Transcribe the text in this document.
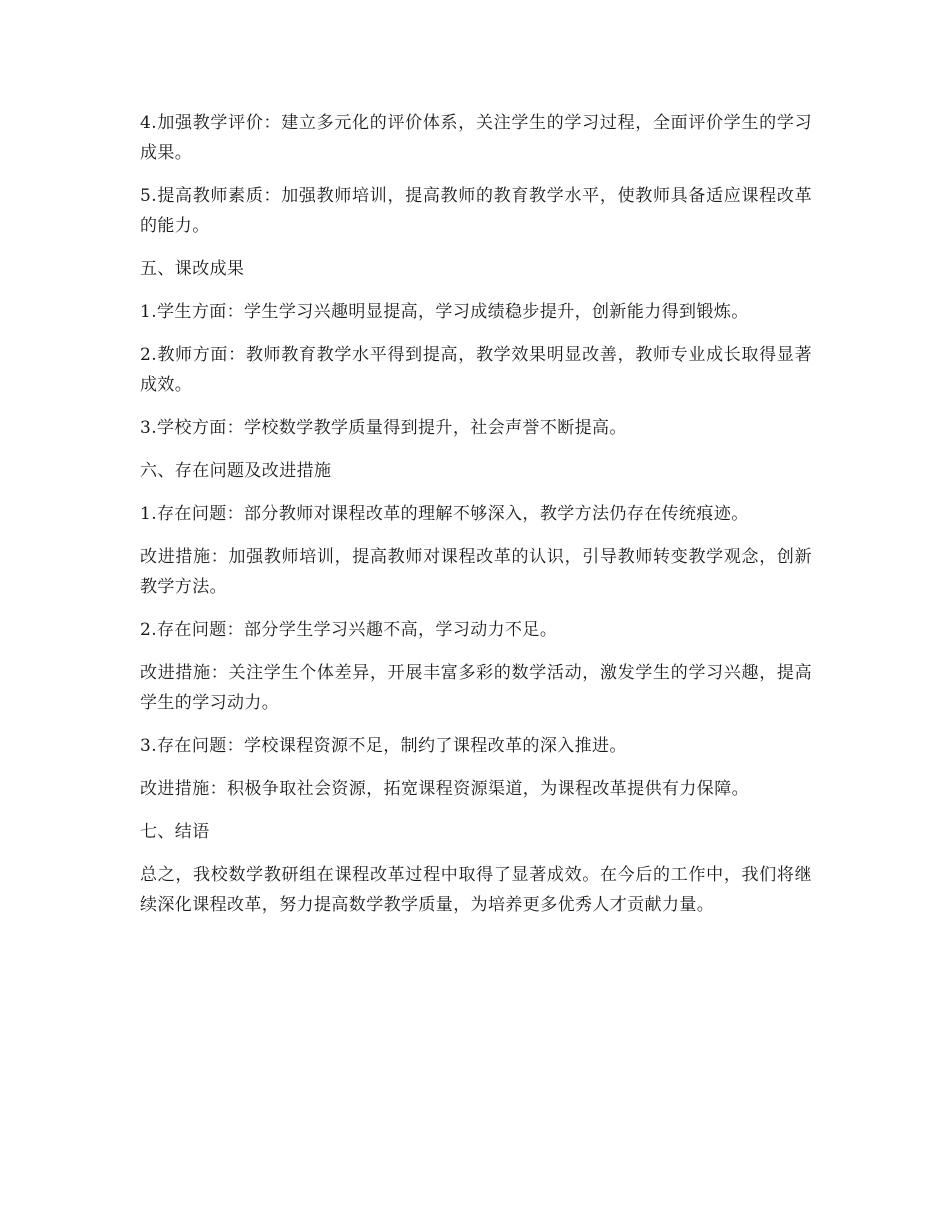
4.加强教学评价：建立多元化的评价体系，关注学生的学习过程，全面评价学生的学习成果。

5.提高教师素质：加强教师培训，提高教师的教育教学水平，使教师具备适应课程改革的能力。

五、课改成果

1.学生方面：学生学习兴趣明显提高，学习成绩稳步提升，创新能力得到锻炼。

2.教师方面：教师教育教学水平得到提高，教学效果明显改善，教师专业成长取得显著成效。

3.学校方面：学校数学教学质量得到提升，社会声誉不断提高。

六、存在问题及改进措施

1.存在问题：部分教师对课程改革的理解不够深入，教学方法仍存在传统痕迹。

改进措施：加强教师培训，提高教师对课程改革的认识，引导教师转变教学观念，创新教学方法。

2.存在问题：部分学生学习兴趣不高，学习动力不足。

改进措施：关注学生个体差异，开展丰富多彩的数学活动，激发学生的学习兴趣，提高学生的学习动力。

3.存在问题：学校课程资源不足，制约了课程改革的深入推进。

改进措施：积极争取社会资源，拓宽课程资源渠道，为课程改革提供有力保障。

七、结语

总之，我校数学教研组在课程改革过程中取得了显著成效。在今后的工作中，我们将继续深化课程改革，努力提高数学教学质量，为培养更多优秀人才贡献力量。
